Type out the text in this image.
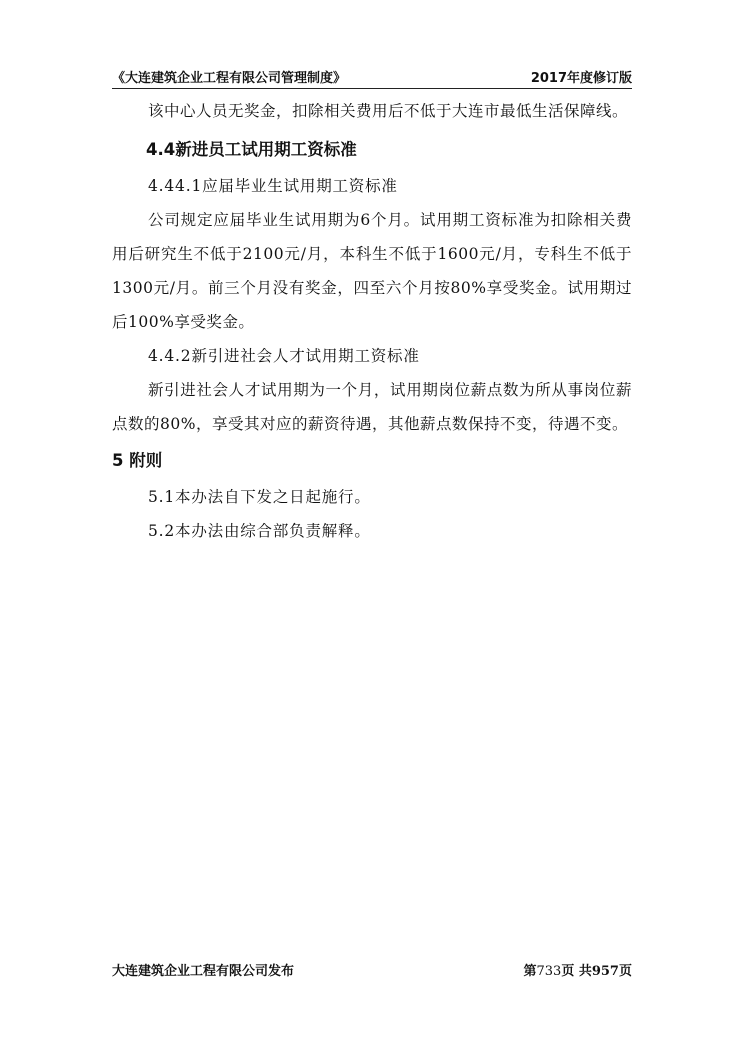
《大连建筑企业工程有限公司管理制度》	2017年度修订版

该中心人员无奖金，扣除相关费用后不低于大连市最低生活保障线。

4.4新进员工试用期工资标准

4.44.1应届毕业生试用期工资标准

公司规定应届毕业生试用期为6个月。试用期工资标准为扣除相关费用后研究生不低于2100元/月，本科生不低于1600元/月，专科生不低于1300元/月。前三个月没有奖金，四至六个月按80%享受奖金。试用期过后100%享受奖金。

4.4.2新引进社会人才试用期工资标准

新引进社会人才试用期为一个月，试用期岗位薪点数为所从事岗位薪点数的80%，享受其对应的薪资待遇，其他薪点数保持不变，待遇不变。

5 附则

5.1本办法自下发之日起施行。

5.2本办法由综合部负责解释。

大连建筑企业工程有限公司发布	第733页 共957页
